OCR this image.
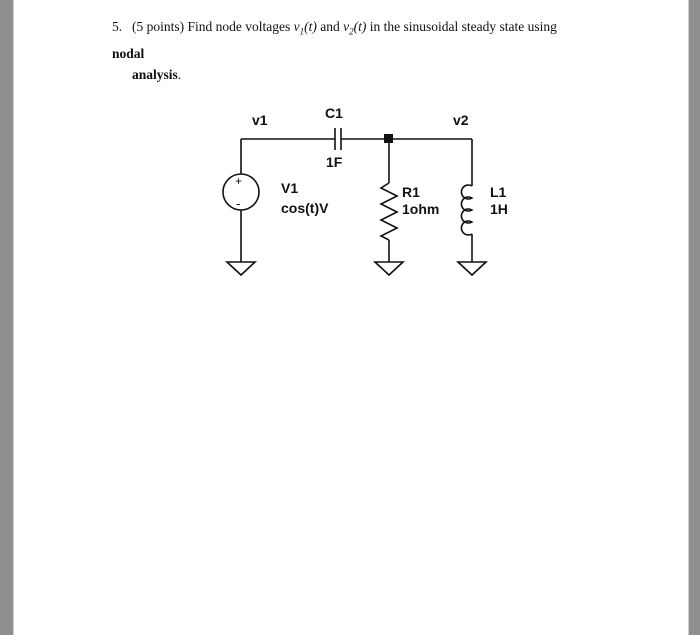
5. (5 points) Find node voltages $v_1(t)$ and $v_2(t)$ in the sinusoidal steady state using nodal
analysis.
v1	C1	v2
1F
+
-
V1
cos(t)V
R1
1ohm
L1
1H
